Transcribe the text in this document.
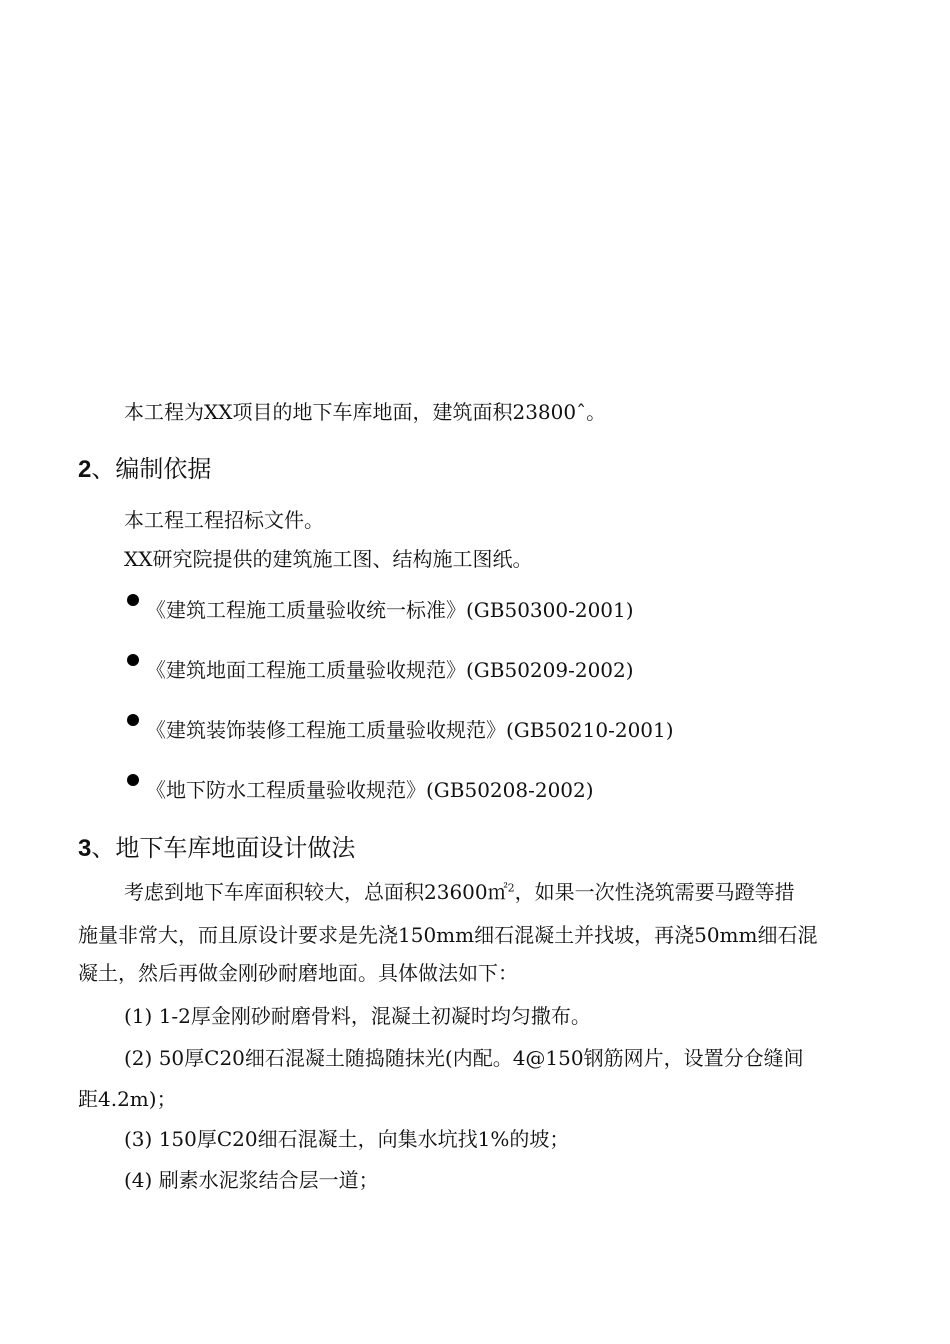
本工程为XX项目的地下车库地面，建筑面积23800ˆ。
2、编制依据
本工程工程招标文件。
XX研究院提供的建筑施工图、结构施工图纸。
《建筑工程施工质量验收统一标准》(GB50300-2001)
《建筑地面工程施工质量验收规范》(GB50209-2002)
《建筑装饰装修工程施工质量验收规范》(GB50210-2001)
《地下防水工程质量验收规范》(GB50208-2002)
3、地下车库地面设计做法
考虑到地下车库面积较大，总面积23600㎡$^2$，如果一次性浇筑需要马蹬等措
施量非常大，而且原设计要求是先浇150mm细石混凝土并找坡，再浇50mm细石混
凝土，然后再做金刚砂耐磨地面。具体做法如下：
(1) 1-2厚金刚砂耐磨骨料，混凝土初凝时均匀撒布。
(2) 50厚C20细石混凝土随捣随抹光(内配。4@150钢筋网片，设置分仓缝间
距4.2m)；
(3) 150厚C20细石混凝土，向集水坑找1%的坡；
(4) 刷素水泥浆结合层一道；
